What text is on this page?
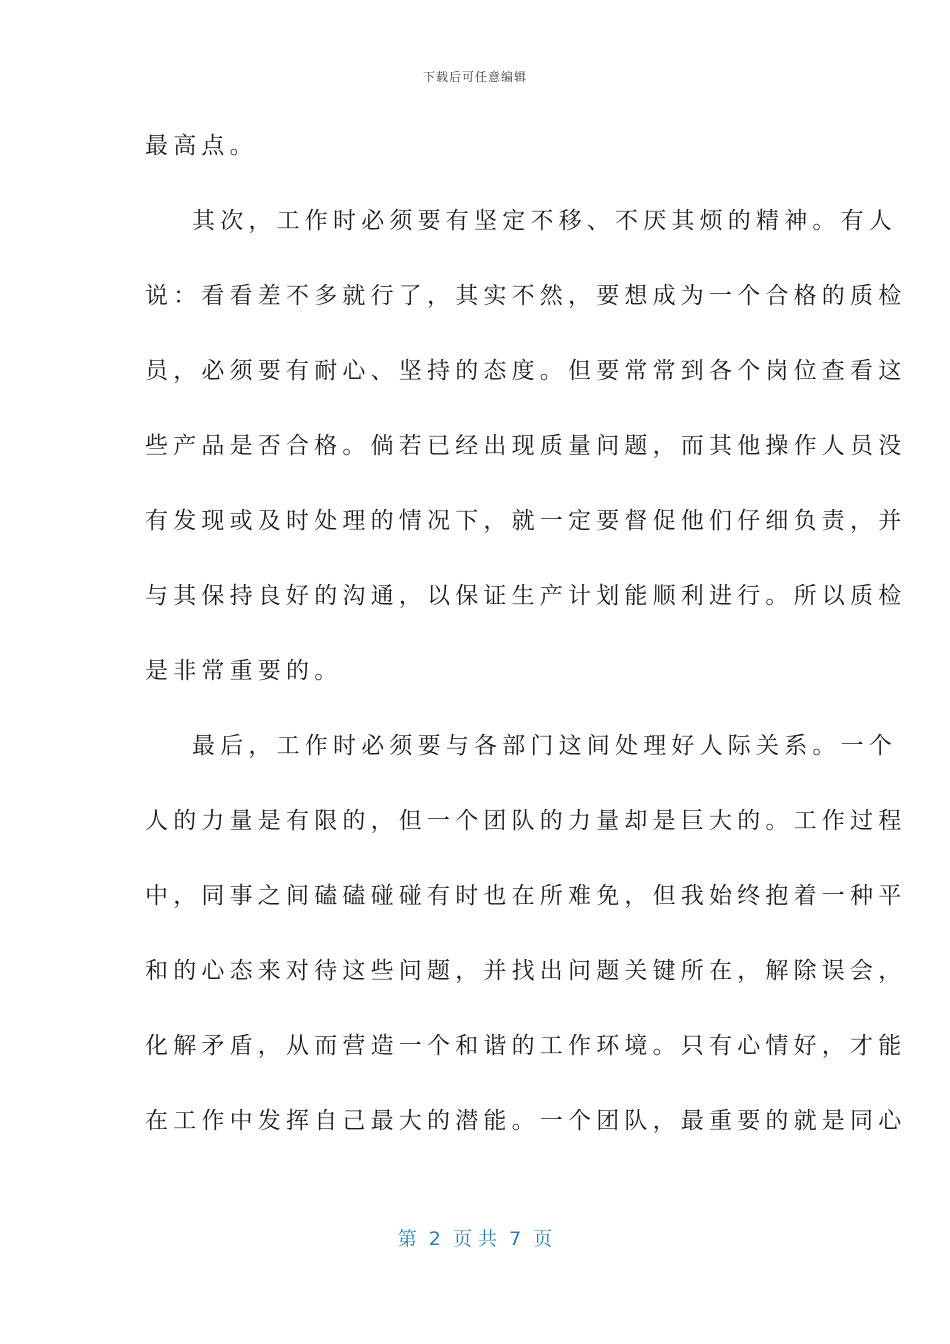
下载后可任意编辑
最高点。
其次，工作时必须要有坚定不移、不厌其烦的精神。有人
说：看看差不多就行了，其实不然，要想成为一个合格的质检
员，必须要有耐心、坚持的态度。但要常常到各个岗位查看这
些产品是否合格。倘若已经出现质量问题，而其他操作人员没
有发现或及时处理的情况下，就一定要督促他们仔细负责，并
与其保持良好的沟通，以保证生产计划能顺利进行。所以质检
是非常重要的。
最后，工作时必须要与各部门这间处理好人际关系。一个
人的力量是有限的，但一个团队的力量却是巨大的。工作过程
中，同事之间磕磕碰碰有时也在所难免，但我始终抱着一种平
和的心态来对待这些问题，并找出问题关键所在，解除误会，
化解矛盾，从而营造一个和谐的工作环境。只有心情好，才能
在工作中发挥自己最大的潜能。一个团队，最重要的就是同心
第  2  页 共  7  页
